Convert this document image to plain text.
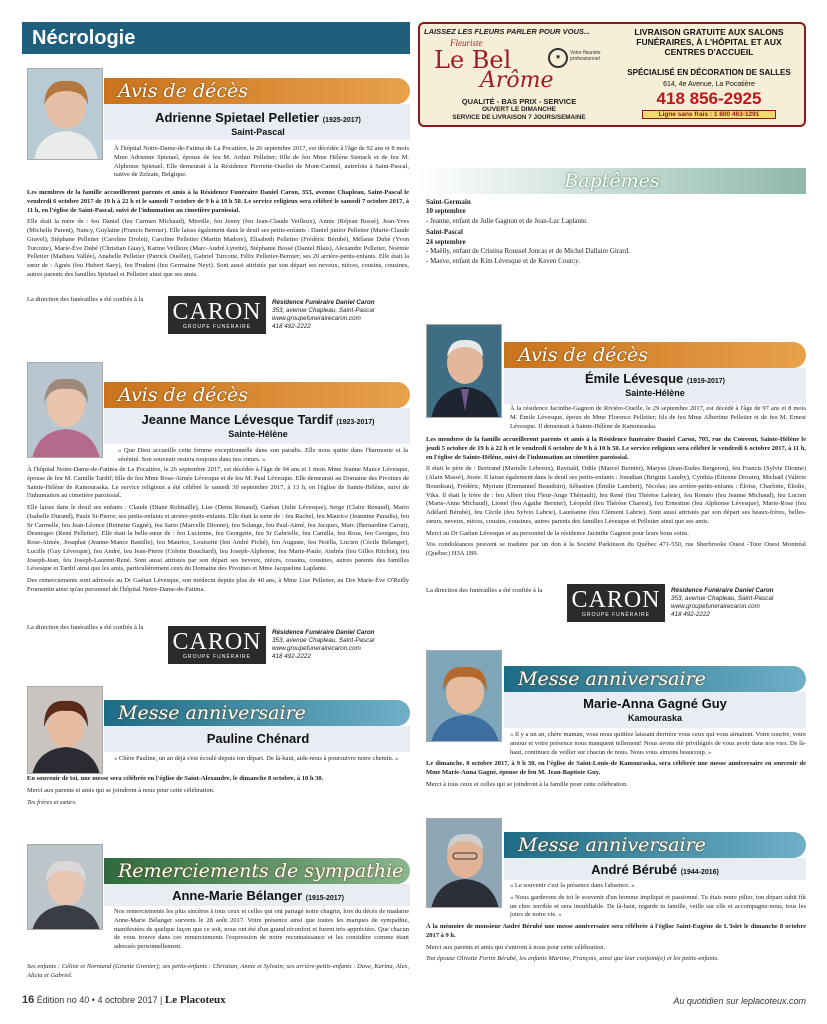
Nécrologie	LAISSEZ LES FLEURS PARLER POUR VOUS...
Fleuriste
Le Bel
Arôme
◉
Votre fleuriste professionnel
QUALITÉ - BAS PRIX - SERVICE
OUVERT LE DIMANCHE
SERVICE DE LIVRAISON 7 JOURS/SEMAINE
LIVRAISON GRATUITE AUX SALONS FUNÉRAIRES, À L'HÔPITAL ET AUX CENTRES D'ACCUEIL
SPÉCIALISÉ EN DÉCORATION DE SALLES
614, 4e Avenue, La Pocatière
418 856-2925
Ligne sans frais : 1 800 463-1291
Avis de décès
Adrienne Spietael Pelletier (1925-2017)
Saint-Pascal
À l'hôpital Notre-Dame-de-Fatima de La Pocatière, le 26 septembre 2017, est décédée à l'âge de 92 ans et 8 mois Mme Adrienne Spietael, épouse de feu M. Arthur Pelletier; fille de feu Mme Hélène Sienack et de feu M. Alphonse Spietael. Elle demeurait à la Résidence Pierrette-Ouellet de Mont-Carmel, autrefois à Saint-Pascal, native de Zelzate, Belgique.

Les membres de la famille accueilleront parents et amis à la Résidence Funéraire Daniel Caron, 353, avenue Chapleau, Saint-Pascal le vendredi 6 octobre 2017 de 19 h à 22 h et le samedi 7 octobre de 9 h à 10 h 50. Le service religieux sera célébré le samedi 7 octobre 2017, à 11 h, en l'église de Saint-Pascal, suivi de l'inhumation au cimetière paroissial.

Elle était la mère de : feu Daniel (feu Carmen Michaud), Mireille, feu Jenny (feu Jean-Claude Veilleux), Annie (Réjean Bossé), Jean-Yves (Michelle Parent), Nancy, Guylaine (Francis Bernier). Elle laisse également dans le deuil ses petits-enfants : Daniel junior Pelletier (Marie-Claude Gravel), Stéphane Pelletier (Caroline Drolet), Caroline Pelletier (Martin Madore), Elisabeth Pelletier (Frédéric Bérubé), Mélanie Dubé (Yvon Turcotte), Marie-Ève Dubé (Christian Guay), Karine Veilleux (Marc-André Lyrette), Stéphanie Bossé (Daniel Blais), Alexandre Pelletier, Noémie Pelletier (Mathieu Vallée), Anabelle Pelletier (Patrick Ouellet), Gabriel Turcotte, Félix Pelletier-Bernier; ses 20 arrière-petits-enfants. Elle était la sœur de : Agnès (feu Hubert Saey), feu Prudent (feu Germaine Neyt). Sont aussi attristés par son départ ses neveux, nièces, cousins, cousines, autres parents des familles Spietael et Pelletier ainsi que ses amis.

La direction des funérailles a été confiée à la	CARON
GROUPE FUNÉRAIRE
Résidence Funéraire Daniel Caron
353, avenue Chapleau, Saint-Pascal
www.groupefunerairecaron.com
418 492-2222
Avis de décès
Jeanne Mance Lévesque Tardif (1923-2017)
Sainte-Hélène
« Que Dieu accueille cette femme exceptionnelle dans son paradis. Elle nous quitte dans l'harmonie et la sérénité. Son souvenir restera toujours dans nos cœurs. »

À l'hôpital Notre-Dame-de-Fatima de La Pocatière, le 26 septembre 2017, est décédée à l'âge de 94 ans et 1 mois Mme Jeanne Mance Lévesque, épouse de feu M. Camille Tardif; fille de feu Mme Rose-Aimée Lévesque et de feu M. Paul Lévesque. Elle demeurait au Domaine des Pivoines de Sainte-Hélène de Kamouraska. Le service religieux a été célébré le samedi 30 septembre 2017, à 13 h, en l'église de Sainte-Hélène, suivi de l'inhumation au cimetière paroissial.

Elle laisse dans le deuil ses enfants : Claude (Diane Robitaille), Lise (Denis Renaud), Gaétan (Julie Lévesque), Serge (Claire Renaud), Mario (Isabelle Durand), Paule St-Pierre; ses petits-enfants et arrière-petits-enfants. Elle était la sœur de : feu Rachel, feu Maurice (Jeannine Paradis), feu Sr Carmelle, feu Jean-Léonce (Reinette Gagné), feu Sarto (Marcelle Dionne), feu Solange, feu Paul-Aimé, feu Jacques, Marc (Bernardine Caron), Desneiges (René Pelletier). Elle était la belle-sœur de : feu Lucienne, feu Georgette, feu Sr Gabrielle, feu Camilla, feu Rosa, feu Georges, feu Rose-Aimée, Josaphat (Jeanne-Mance Bastille), feu Maurice, Louisette (feu André Piché), feu Auguste, feu Noëlla, Lucien (Cécile Bélanger), Lucille (Guy Lévesque), feu André, feu Jean-Pierre (Colette Bouchard), feu Joseph-Alphonse, feu Marie-Paule, Andréa (feu Gilles Ritchot), feu Joseph-Jean, feu Joseph-Laurent-René. Sont aussi attristés par son départ ses neveux, nièces, cousins, cousines, autres parents des familles Lévesque et Tardif ainsi que les amis, particulièrement ceux du Domaine des Pivoines et Mme Jacqueline Laplante.

Des remerciements sont adressés au Dr Gaétan Lévesque, son médecin depuis plus de 40 ans, à Mme Lise Pelletier, au Dre Marie-Ève O'Reilly Fromentin ainsi qu'au personnel de l'hôpital Notre-Dame-de-Fatima.

La direction des funérailles a été confiée à la
CARON
GROUPE FUNÉRAIRE
Résidence Funéraire Daniel Caron
353, avenue Chapleau, Saint-Pascal
www.groupefunerairecaron.com
418 492-2222
Messe anniversaire
Pauline Chénard
« Chère Pauline, un an déjà s'est écoulé depuis ton départ. De là-haut, aide-nous à poursuivre notre chemin. »

En souvenir de toi, une messe sera célébrée en l'église de Saint-Alexandre, le dimanche 8 octobre, à 10 h 30.

Merci aux parents et amis qui se joindront à nous pour cette célébration.

Tes frères et sœurs.

Remerciements de sympathie
Anne-Marie Bélanger (1915-2017)
Nos remerciements les plus sincères à tous ceux et celles qui ont partagé notre chagrin, lors du décès de madame Anne-Marie Bélanger survenu le 28 août 2017. Votre présence ainsi que toutes les marques de sympathie, manifestées de quelque façon que ce soit, nous ont été d'un grand réconfort et furent très appréciées. Que chacun de vous trouve dans ces remerciements l'expression de notre reconnaissance et les considère comme étant adressés personnellement.
Ses enfants : Céline et Normand (Ginette Grenier); ses petits-enfants : Christian, Annie et Sylvain; ses arrière-petits-enfants : Dave, Karina, Alex, Alicia et Gabriel.
Baptêmes
Saint-Germain
10 septembre
- Jeanne, enfant de Julie Gagnon et de Jean-Luc Laplante.
Saint-Pascal
24 septembre
- Maëlly, enfant de Cristina Roussel Joncas et de Michel Dallaire Girard.
- Maeve, enfant de Kim Lévesque et de Keven Courcy.
Avis de décès
Émile Lévesque (1919-2017)
Sainte-Hélène
À la résidence Jacinthe-Gagnon de Rivière-Ouelle, le 29 septembre 2017, est décédé à l'âge de 97 ans et 8 mois M. Émile Lévesque, époux de Mme Florence Pelletier; fils de feu Mme Albertine Pelletier et de feu M. Ernest Lévesque. Il demeurait à Sainte-Hélène de Kamouraska.

Les membres de la famille accueilleront parents et amis à la Résidence funéraire Daniel Caron, 705, rue du Couvent, Sainte-Hélène le jeudi 5 octobre de 19 h à 22 h et le vendredi 6 octobre de 9 h à 10 h 50. Le service religieux sera célébré le vendredi 6 octobre 2017, à 11 h, en l'église de Sainte-Hélène, suivi de l'inhumation au cimetière paroissial.

Il était le père de : Bertrand (Marielle Lebreux), Raynald, Odile (Marcel Bernier), Maryse (Jean-Eudes Bergeron), feu Francis (Sylvie Dionne) (Alain Massé), Josée. Il laisse également dans le deuil ses petits-enfants : Jonathan (Brigitte Landry), Cynthia (Étienne Drouin), Michaël (Valérie Bourdeau), Frédéric, Myriam (Emmanuel Beaudoin), Sébastien (Émilie Lambert), Nicolas; ses arrière-petits-enfants : Éloïse, Charlotte, Élodie, Vika. Il était le frère de : feu Albert (feu Fleur-Ange Thériault), feu René (feu Thérèse Labrie), feu Roméo (feu Jeanne Michaud), feu Lucien (Marie-Anne Michaud), Lionel (feu Agathe Bernier), Léopold (feu Thérèse Charest), feu Ernestine (feu Alphonse Lévesque), Marie-Rose (feu Adélard Bérubé), feu Cécile (feu Sylvio Labrie), Lauréanne (feu Clément Labrie). Sont aussi attristés par son départ ses beaux-frères, belles-sœurs, neveux, nièces, cousins, cousines, autres parents des familles Lévesque et Pelletier ainsi que ses amis.

Merci au Dr Gaétan Lévesque et au personnel de la résidence Jacinthe Gagnon pour leurs bons soins.

Vos condoléances peuvent se traduire par un don à la Société Parkinson du Québec 471-550, rue Sherbrooke Ouest -Tour Ouest Montréal (Québec) H3A 1B9.

La direction des funérailles a été confiée à la	CARON
GROUPE FUNÉRAIRE
Résidence Funéraire Daniel Caron
353, avenue Chapleau, Saint-Pascal
www.groupefunerairecaron.com
418 492-2222
Messe anniversaire
Marie-Anna Gagné Guy
Kamouraska

« Il y a un an, chère maman, vous nous quittiez laissant derrière vous ceux qui vous aimaient. Votre sourire, votre amour et votre présence nous manquent tellement! Nous avons été privilégiés de vous avoir dans nos vies. De là-haut, continuez de veiller sur chacun de nous. Nous vous aimons beaucoup. »

Le dimanche, 8 octobre 2017, à 9 h 30, en l'église de Saint-Louis-de Kamouraska, sera célébrée une messe anniversaire en souvenir de Mme Marie-Anna Gagné, épouse de feu M. Jean-Baptiste Guy.

Merci à tous ceux et celles qui se joindront à la famille pour cette célébration.

Messe anniversaire
André Bérubé (1944-2016)

« Le souvenir c'est la présence dans l'absence. »

« Nous garderons de toi le souvenir d'un homme impliqué et passionné. Tu étais notre pilier, ton départ subit fût un choc terrible et sera inoubliable. De là-haut, regarde ta famille, veille sur elle et accompagne-nous, tous les jours de notre vie. »

À la mémoire de monsieur André Bérubé une messe anniversaire sera célébrée à l'église Saint-Eugène de L'Islet le dimanche 8 octobre 2017 à 9 h.

Merci aux parents et amis qui s'uniront à nous pour cette célébration.

Ton épouse Olivette Fortin Bérubé, les enfants Martine, François, ainsi que leur conjoint(e) et les petits-enfants.

16 Édition no 40 • 4 octobre 2017 | Le Placoteux	Au quotidien sur leplacoteux.com
